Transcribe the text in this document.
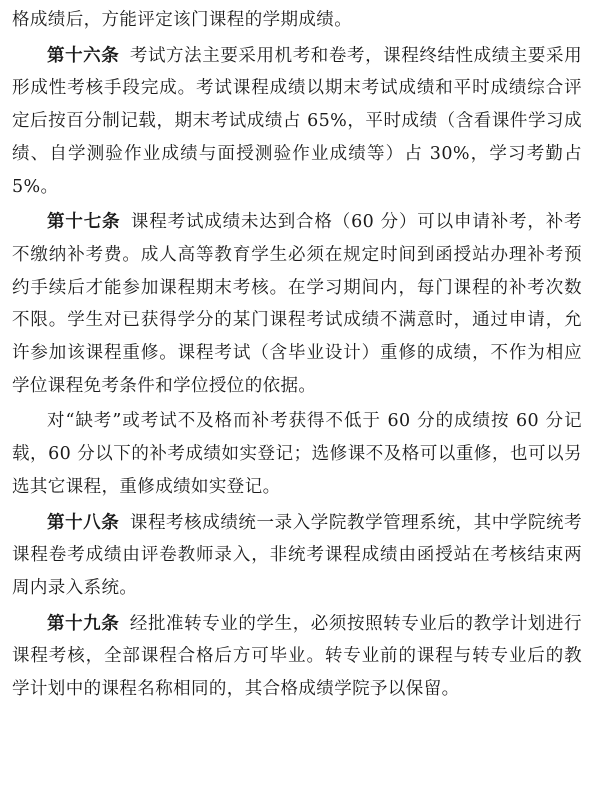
格成绩后，方能评定该门课程的学期成绩。

第十六条 考试方法主要采用机考和卷考，课程终结性成绩主要采用形成性考核手段完成。考试课程成绩以期末考试成绩和平时成绩综合评定后按百分制记载，期末考试成绩占 65%，平时成绩（含看课件学习成绩、自学测验作业成绩与面授测验作业成绩等）占 30%，学习考勤占 5%。

第十七条 课程考试成绩未达到合格（60 分）可以申请补考，补考不缴纳补考费。成人高等教育学生必须在规定时间到函授站办理补考预约手续后才能参加课程期末考核。在学习期间内，每门课程的补考次数不限。学生对已获得学分的某门课程考试成绩不满意时，通过申请，允许参加该课程重修。课程考试（含毕业设计）重修的成绩，不作为相应学位课程免考条件和学位授位的依据。

对“缺考”或考试不及格而补考获得不低于 60 分的成绩按 60 分记载，60 分以下的补考成绩如实登记；选修课不及格可以重修，也可以另选其它课程，重修成绩如实登记。

第十八条 课程考核成绩统一录入学院教学管理系统，其中学院统考课程卷考成绩由评卷教师录入，非统考课程成绩由函授站在考核结束两周内录入系统。

第十九条 经批准转专业的学生，必须按照转专业后的教学计划进行课程考核，全部课程合格后方可毕业。转专业前的课程与转专业后的教学计划中的课程名称相同的，其合格成绩学院予以保留。
